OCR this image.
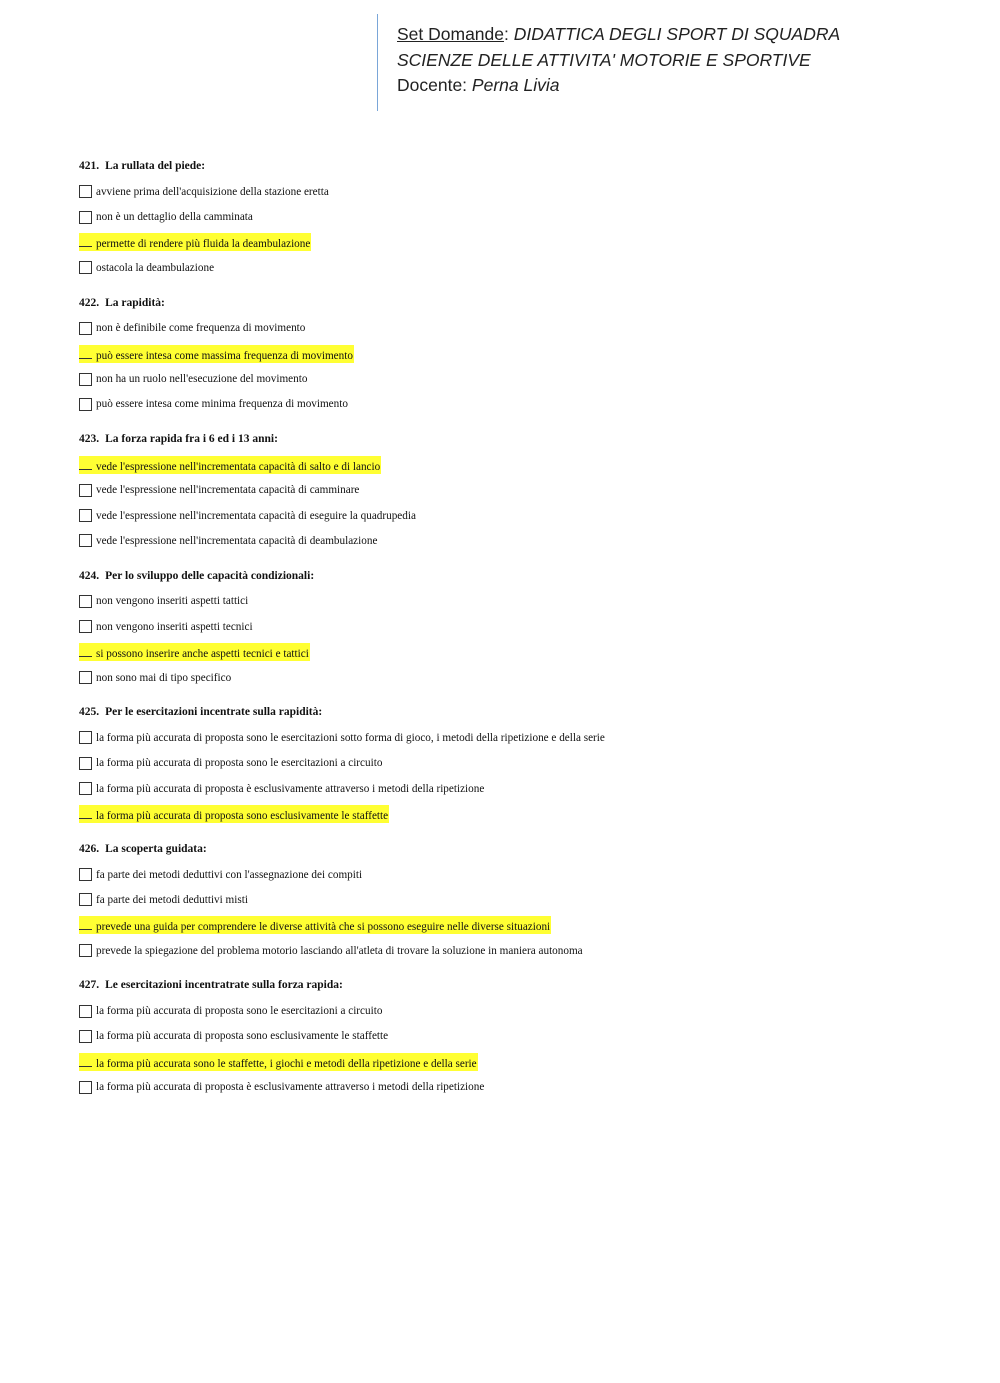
Set Domande: DIDATTICA DEGLI SPORT DI SQUADRA
SCIENZE DELLE ATTIVITA' MOTORIE E SPORTIVE
Docente: Perna Livia
421. La rullata del piede:
avviene prima dell'acquisizione della stazione eretta
non è un dettaglio della camminata
permette di rendere più fluida la deambulazione
ostacola la deambulazione
422. La rapidità:
non è definibile come frequenza di movimento
può essere intesa come massima frequenza di movimento
non ha un ruolo nell'esecuzione del movimento
può essere intesa come minima frequenza di movimento
423. La forza rapida fra i 6 ed i 13 anni:
vede l'espressione nell'incrementata capacità di salto e di lancio
vede l'espressione nell'incrementata capacità di camminare
vede l'espressione nell'incrementata capacità di eseguire la quadrupedia
vede l'espressione nell'incrementata capacità di deambulazione
424. Per lo sviluppo delle capacità condizionali:
non vengono inseriti aspetti tattici
non vengono inseriti aspetti tecnici
si possono inserire anche aspetti tecnici e tattici
non sono mai di tipo specifico
425. Per le esercitazioni incentrate sulla rapidità:
la forma più accurata di proposta sono le esercitazioni sotto forma di gioco, i metodi della ripetizione e della serie
la forma più accurata di proposta sono le esercitazioni a circuito
la forma più accurata di proposta è esclusivamente attraverso i metodi della ripetizione
la forma più accurata di proposta sono esclusivamente le staffette
426. La scoperta guidata:
fa parte dei metodi deduttivi con l'assegnazione dei compiti
fa parte dei metodi deduttivi misti
prevede una guida per comprendere le diverse attività che si possono eseguire nelle diverse situazioni
prevede la spiegazione del problema motorio lasciando all'atleta di trovare la soluzione in maniera autonoma
427. Le esercitazioni incentratrate sulla forza rapida:
la forma più accurata di proposta sono le esercitazioni a circuito
la forma più accurata di proposta sono esclusivamente le staffette
la forma più accurata sono le staffette, i giochi e metodi della ripetizione e della serie
la forma più accurata di proposta è esclusivamente attraverso i metodi della ripetizione
